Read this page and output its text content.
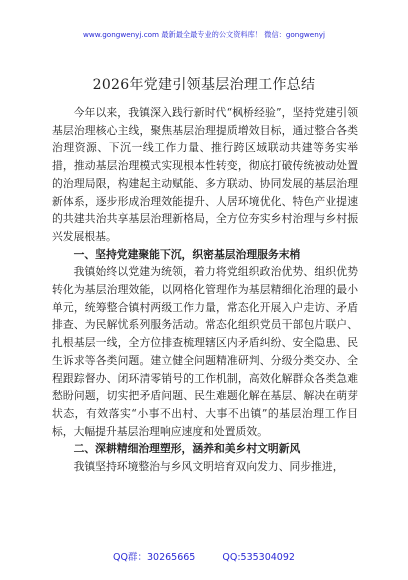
www.gongwenyj.com 最新最全最专业的公文资料库！ 微信：gongwenyj
2026年党建引领基层治理工作总结

今年以来，我镇深入践行新时代“枫桥经验”，坚持党建引领基层治理核心主线，聚焦基层治理提质增效目标，通过整合各类治理资源、下沉一线工作力量、推行跨区域联动共建等务实举措，推动基层治理模式实现根本性转变，彻底打破传统被动处置的治理局限，构建起主动赋能、多方联动、协同发展的基层治理新体系，逐步形成治理效能提升、人居环境优化、特色产业提速的共建共治共享基层治理新格局，全方位夯实乡村治理与乡村振兴发展根基。

一、坚持党建聚能下沉，织密基层治理服务末梢

我镇始终以党建为统领，着力将党组织政治优势、组织优势转化为基层治理效能，以网格化管理作为基层精细化治理的最小单元，统筹整合镇村两级工作力量，常态化开展入户走访、矛盾排查、为民解忧系列服务活动。常态化组织党员干部包片联户、扎根基层一线，全方位排查梳理辖区内矛盾纠纷、安全隐患、民生诉求等各类问题。建立健全问题精准研判、分级分类交办、全程跟踪督办、闭环清零销号的工作机制，高效化解群众各类急难愁盼问题，切实把矛盾问题、民生难题化解在基层、解决在萌芽状态，有效落实“小事不出村、大事不出镇”的基层治理工作目标，大幅提升基层治理响应速度和处置质效。

二、深耕精细治理塑形，涵养和美乡村文明新风

我镇坚持环境整治与乡风文明培育双向发力、同步推进，

QQ群：30265665	QQ:535304092
